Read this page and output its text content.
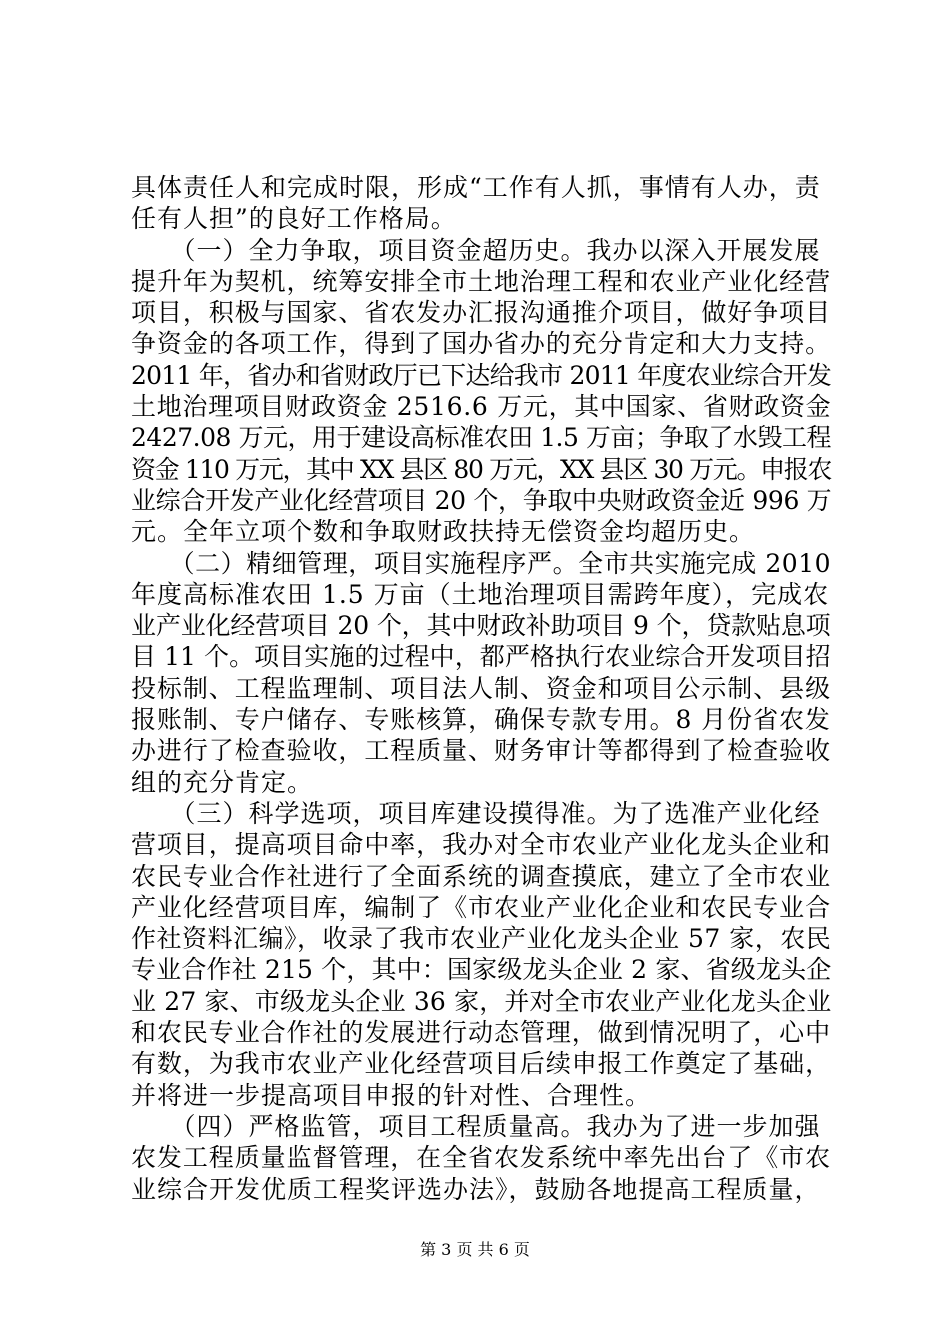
具体责任人和完成时限，形成“工作有人抓，事情有人办，责
任有人担”的良好工作格局。
　　（一）全力争取，项目资金超历史。我办以深入开展发展
提升年为契机，统筹安排全市土地治理工程和农业产业化经营
项目，积极与国家、省农发办汇报沟通推介项目，做好争项目
争资金的各项工作，得到了国办省办的充分肯定和大力支持。
2011 年，省办和省财政厅已下达给我市 2011 年度农业综合开发
土地治理项目财政资金 2516.6 万元，其中国家、省财政资金
2427.08 万元，用于建设高标准农田 1.5 万亩；争取了水毁工程
资金 110 万元，其中 XX 县区 80 万元，XX 县区 30 万元。申报农
业综合开发产业化经营项目 20 个，争取中央财政资金近 996 万
元。全年立项个数和争取财政扶持无偿资金均超历史。
　　（二）精细管理，项目实施程序严。全市共实施完成 2010
年度高标准农田 1.5 万亩（土地治理项目需跨年度），完成农
业产业化经营项目 20 个，其中财政补助项目 9 个，贷款贴息项
目 11 个。项目实施的过程中，都严格执行农业综合开发项目招
投标制、工程监理制、项目法人制、资金和项目公示制、县级
报账制、专户储存、专账核算，确保专款专用。8 月份省农发
办进行了检查验收，工程质量、财务审计等都得到了检查验收
组的充分肯定。
　　（三）科学选项，项目库建设摸得准。为了选准产业化经
营项目，提高项目命中率，我办对全市农业产业化龙头企业和
农民专业合作社进行了全面系统的调查摸底，建立了全市农业
产业化经营项目库，编制了《市农业产业化企业和农民专业合
作社资料汇编》，收录了我市农业产业化龙头企业 57 家，农民
专业合作社 215 个，其中：国家级龙头企业 2 家、省级龙头企
业 27 家、市级龙头企业 36 家，并对全市农业产业化龙头企业
和农民专业合作社的发展进行动态管理，做到情况明了，心中
有数，为我市农业产业化经营项目后续申报工作奠定了基础，
并将进一步提高项目申报的针对性、合理性。
　　（四）严格监管，项目工程质量高。我办为了进一步加强
农发工程质量监督管理，在全省农发系统中率先出台了《市农
业综合开发优质工程奖评选办法》，鼓励各地提高工程质量，
第 3 页 共 6 页
